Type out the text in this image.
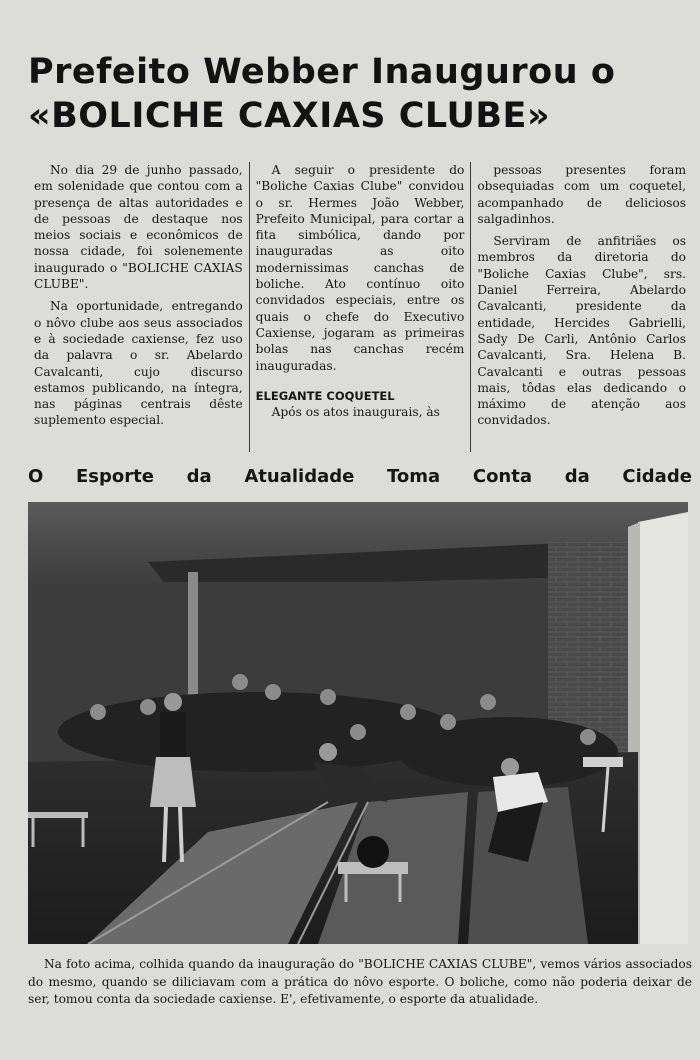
Prefeito Webber Inaugurou o
«BOLICHE CAXIAS CLUBE»

No dia 29 de junho passado, em solenidade que contou com a presença de altas autoridades e de pessoas de destaque nos meios sociais e econômicos de nossa cidade, foi solenemente inaugurado o "BOLICHE CAXIAS CLUBE".

Na oportunidade, entregando o nôvo clube aos seus associados e à sociedade caxiense, fez uso da palavra o sr. Abelardo Cavalcanti, cujo discurso estamos publicando, na íntegra, nas páginas centrais dêste suplemento especial.

A seguir o presidente do "Boliche Caxias Clube" convidou o sr. Hermes João Webber, Prefeito Municipal, para cortar a fita simbólica, dando por inauguradas as oito modernissimas canchas de boliche. Ato contínuo oito convidados especiais, entre os quais o chefe do Executivo Caxiense, jogaram as primeiras bolas nas canchas recém inauguradas.

ELEGANTE COQUETEL

Após os atos inaugurais, às

pessoas presentes foram obsequiadas com um coquetel, acompanhado de deliciosos salgadinhos.

Serviram de anfitriães os membros da diretoria do "Boliche Caxias Clube", srs. Daniel Ferreira, Abelardo Cavalcanti, presidente da entidade, Hercides Gabrielli, Sady De Carli, Antônio Carlos Cavalcanti, Sra. Helena B. Cavalcanti e outras pessoas mais, tôdas elas dedicando o máximo de atenção aos convidados.

O Esporte da Atualidade Toma Conta da Cidade

Na foto acima, colhida quando da inauguração do "BOLICHE CAXIAS CLUBE", vemos vários associados do mesmo, quando se diliciavam com a prática do nôvo esporte. O boliche, como não poderia deixar de ser, tomou conta da sociedade caxiense. E', efetivamente, o esporte da atualidade.
